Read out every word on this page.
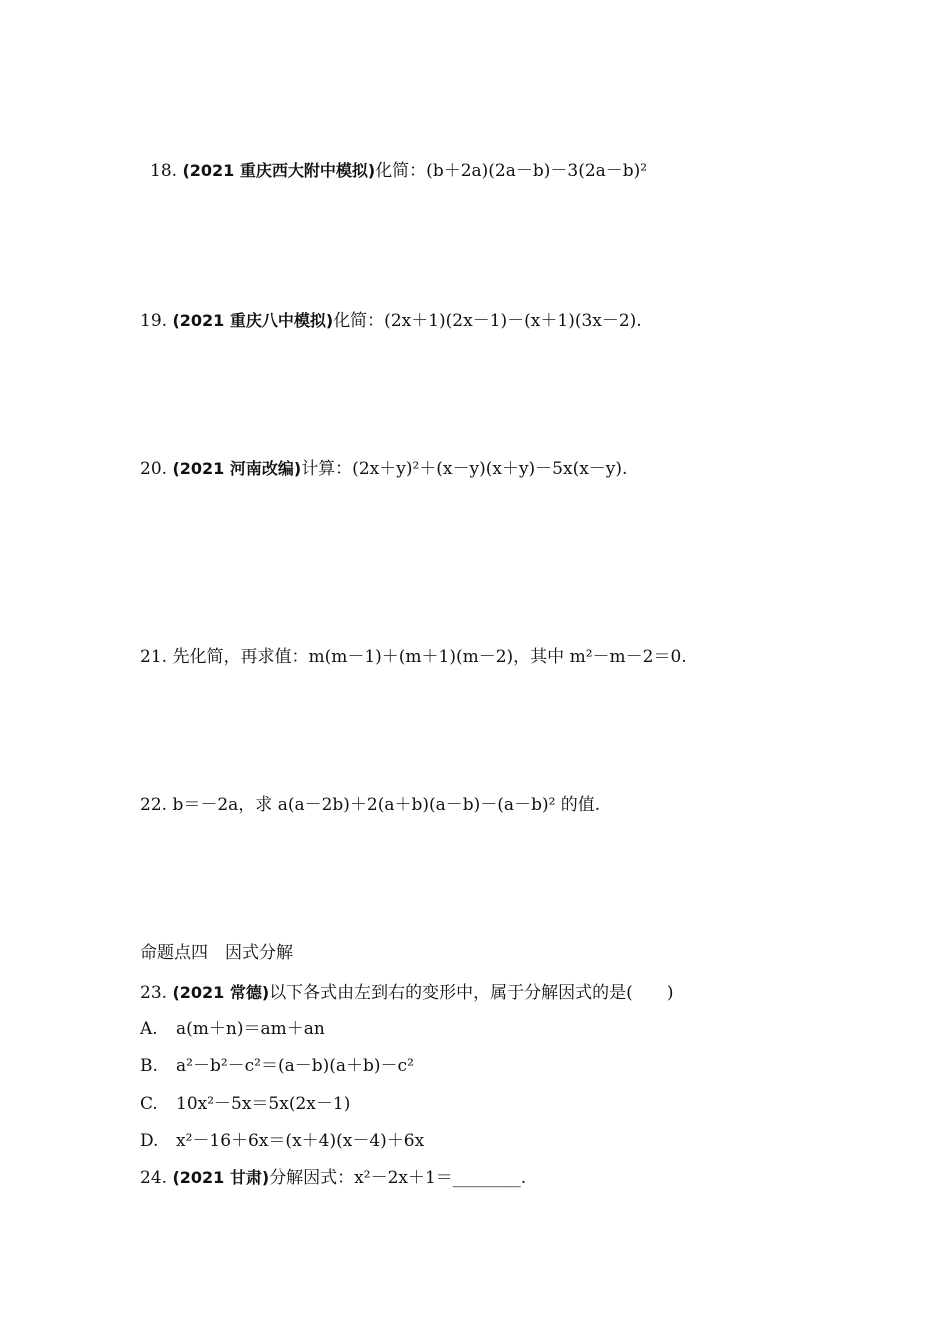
18. (2021 重庆西大附中模拟)化简：(b＋2a)(2a－b)－3(2a－b)²
19. (2021 重庆八中模拟)化简：(2x＋1)(2x－1)－(x＋1)(3x－2).
20. (2021 河南改编)计算：(2x＋y)²＋(x－y)(x＋y)－5x(x－y).
21. 先化简，再求值：m(m－1)＋(m＋1)(m－2)，其中 m²－m－2＝0.
22. b＝－2a，求 a(a－2b)＋2(a＋b)(a－b)－(a－b)² 的值.
命题点四　因式分解
23. (2021 常德)以下各式由左到右的变形中，属于分解因式的是(　　)
A. a(m＋n)＝am＋an
B. a²－b²－c²＝(a－b)(a＋b)－c²
C. 10x²－5x＝5x(2x－1)
D. x²－16＋6x＝(x＋4)(x－4)＋6x
24. (2021 甘肃)分解因式：x²－2x＋1＝________.
